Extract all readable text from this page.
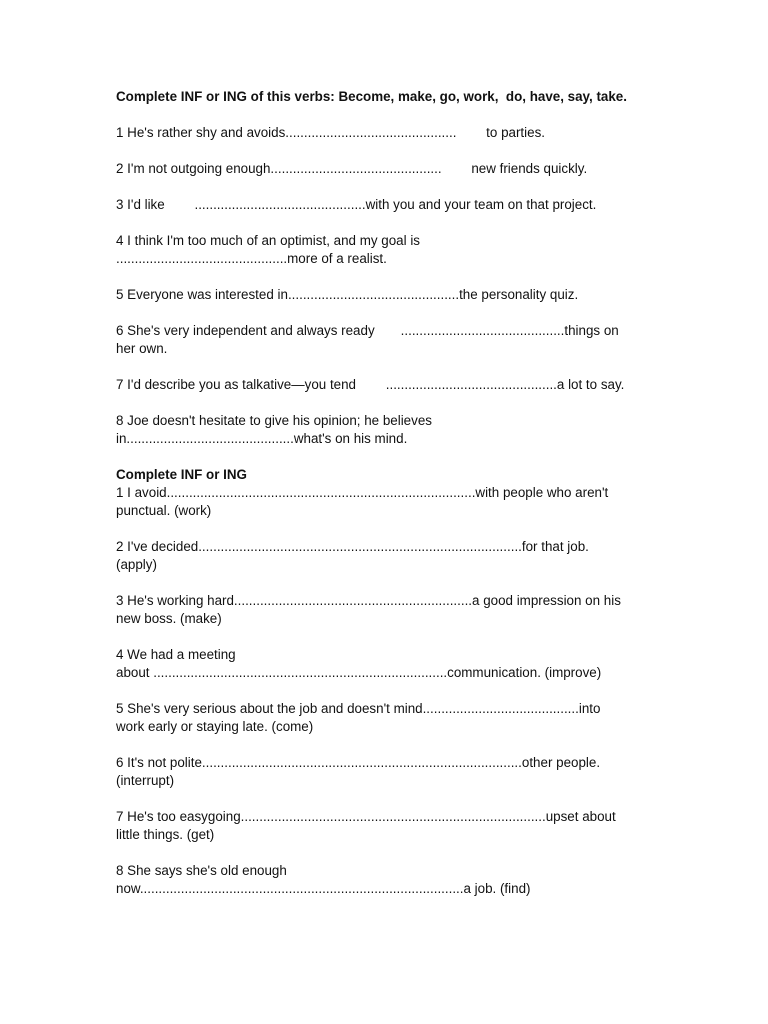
Complete INF or ING of this verbs: Become, make, go, work,  do, have, say, take.

1 He's rather shy and avoids..............................................        to parties.

2 I'm not outgoing enough..............................................        new friends quickly.

3 I'd like        ..............................................with you and your team on that project.

4 I think I'm too much of an optimist, and my goal is
..............................................more of a realist.

5 Everyone was interested in..............................................the personality quiz.

6 She's very independent and always ready       ............................................things on
her own.

7 I'd describe you as talkative—you tend        ..............................................a lot to say.

8 Joe doesn't hesitate to give his opinion; he believes
in.............................................what's on his mind.

Complete INF or ING

1 I avoid...................................................................................with people who aren't
punctual. (work)

2 I've decided.......................................................................................for that job.
(apply)

3 He's working hard................................................................a good impression on his
new boss. (make)

4 We had a meeting
about ...............................................................................communication. (improve)

5 She's very serious about the job and doesn't mind..........................................into
work early or staying late. (come)

6 It's not polite......................................................................................other people.
(interrupt)

7 He's too easygoing..................................................................................upset about
little things. (get)

8 She says she's old enough
now.......................................................................................a job. (find)
